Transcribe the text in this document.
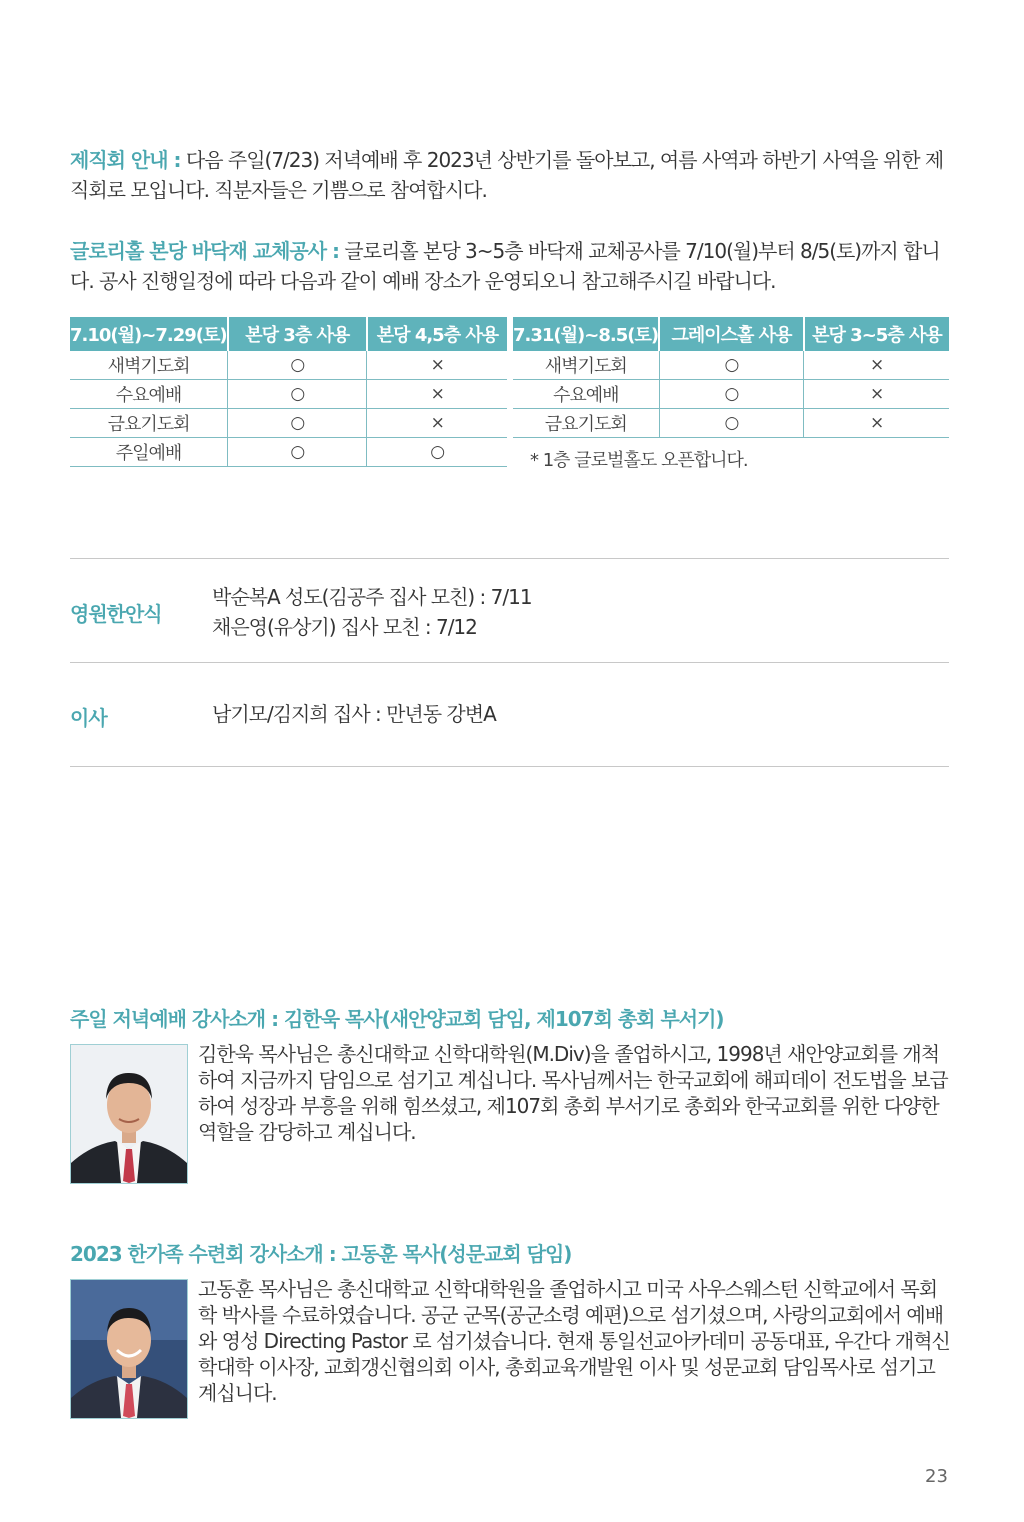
제직회 안내 : 다음 주일(7/23) 저녁예배 후 2023년 상반기를 돌아보고, 여름 사역과 하반기 사역을 위한 제직회로 모입니다. 직분자들은 기쁨으로 참여합시다.
글로리홀 본당 바닥재 교체공사 : 글로리홀 본당 3~5층 바닥재 교체공사를 7/10(월)부터 8/5(토)까지 합니다. 공사 진행일정에 따라 다음과 같이 예배 장소가 운영되오니 참고해주시길 바랍니다.
7.10(월)~7.29(토)	본당 3층 사용	본당 4,5층 사용
새벽기도회	○	×
수요예배	○	×
금요기도회	○	×
주일예배	○	○
7.31(월)~8.5(토)	그레이스홀 사용	본당 3~5층 사용
새벽기도회	○	×
수요예배	○	×
금요기도회	○	×
* 1층 글로벌홀도 오픈합니다.
영원한안식
박순복A 성도(김공주 집사 모친) : 7/11
채은영(유상기) 집사 모친 : 7/12
이사	남기모/김지희 집사 : 만년동 강변A
주일 저녁예배 강사소개 : 김한욱 목사(새안양교회 담임, 제107회 총회 부서기)
김한욱 목사님은 총신대학교 신학대학원(M.Div)을 졸업하시고, 1998년 새안양교회를 개척하여 지금까지 담임으로 섬기고 계십니다. 목사님께서는 한국교회에 해피데이 전도법을 보급하여 성장과 부흥을 위해 힘쓰셨고, 제107회 총회 부서기로 총회와 한국교회를 위한 다양한 역할을 감당하고 계십니다.
2023 한가족 수련회 강사소개 : 고동훈 목사(성문교회 담임)
고동훈 목사님은 총신대학교 신학대학원을 졸업하시고 미국 사우스웨스턴 신학교에서 목회학 박사를 수료하였습니다. 공군 군목(공군소령 예편)으로 섬기셨으며, 사랑의교회에서 예배와 영성 Directing Pastor 로 섬기셨습니다. 현재 통일선교아카데미 공동대표, 우간다 개혁신학대학 이사장, 교회갱신협의회 이사, 총회교육개발원 이사 및 성문교회 담임목사로 섬기고 계십니다.
23
